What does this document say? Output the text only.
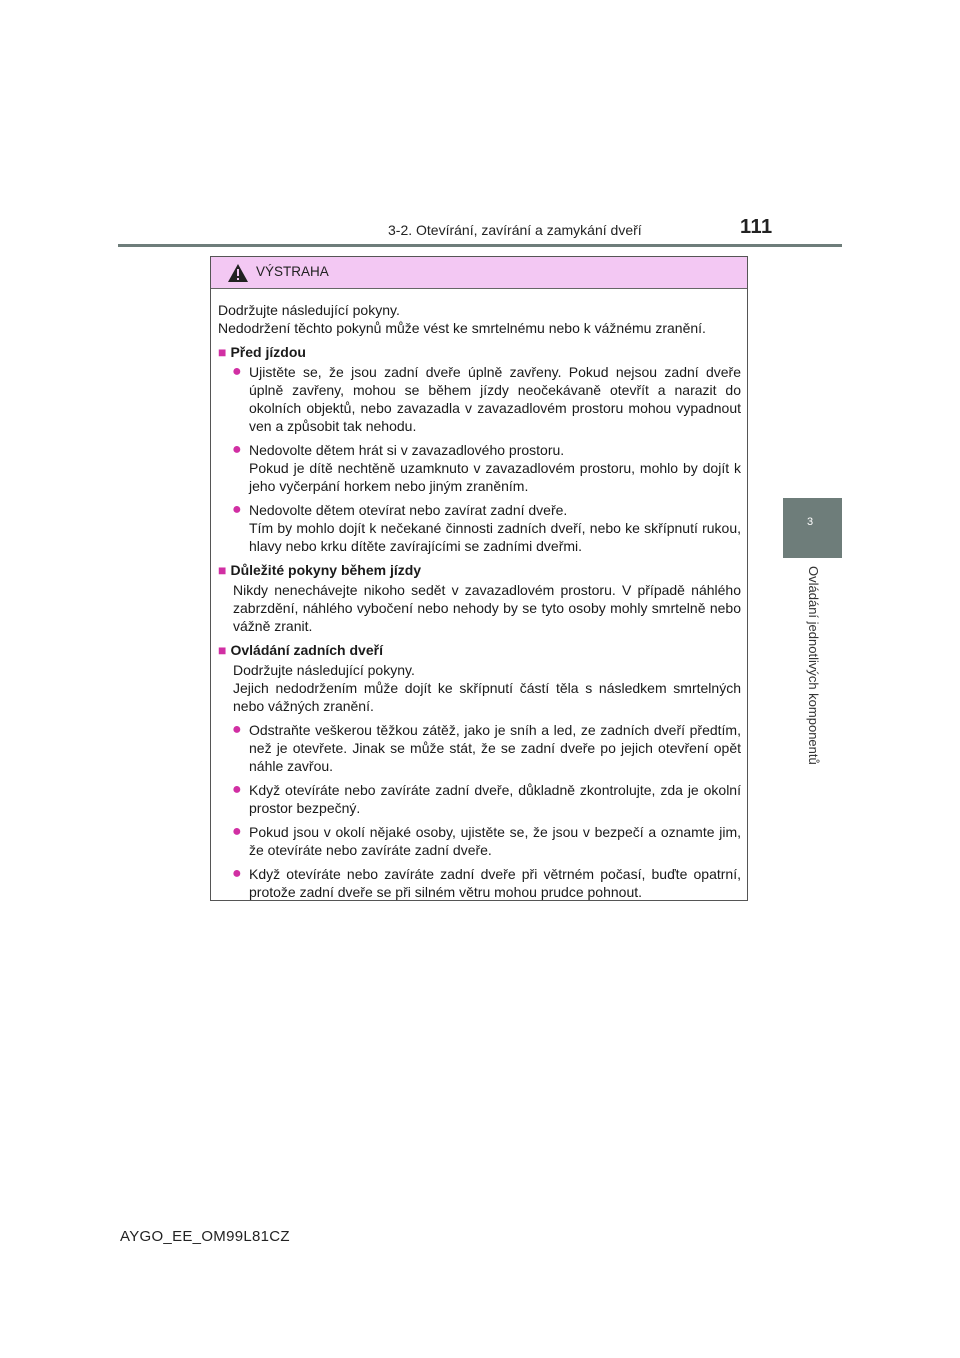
3-2. Otevírání, zavírání a zamykání dveří	111
3
Ovládání jednotlivých komponentů
VÝSTRAHA

Dodržujte následující pokyny.

Nedodržení těchto pokynů může vést ke smrtelnému nebo k vážnému zranění.

■ Před jízdou
● Ujistěte se, že jsou zadní dveře úplně zavřeny. Pokud nejsou zadní dveře úplně zavřeny, mohou se během jízdy neočekávaně otevřít a narazit do okolních objektů, nebo zavazadla v zavazadlovém prostoru mohou vypadnout ven a způsobit tak nehodu.
● Nedovolte dětem hrát si v zavazadlového prostoru.
Pokud je dítě nechtěně uzamknuto v zavazadlovém prostoru, mohlo by dojít k jeho vyčerpání horkem nebo jiným zraněním.
● Nedovolte dětem otevírat nebo zavírat zadní dveře.
Tím by mohlo dojít k nečekané činnosti zadních dveří, nebo ke skřípnutí rukou, hlavy nebo krku dítěte zavírajícími se zadními dveřmi.
■ Důležité pokyny během jízdy
Nikdy nenechávejte nikoho sedět v zavazadlovém prostoru. V případě náhlého zabrzdění, náhlého vybočení nebo nehody by se tyto osoby mohly smrtelně nebo vážně zranit.
■ Ovládání zadních dveří
Dodržujte následující pokyny.
Jejich nedodržením může dojít ke skřípnutí částí těla s následkem smrtelných nebo vážných zranění.
● Odstraňte veškerou těžkou zátěž, jako je sníh a led, ze zadních dveří předtím, než je otevřete. Jinak se může stát, že se zadní dveře po jejich otevření opět náhle zavřou.
● Když otevíráte nebo zavíráte zadní dveře, důkladně zkontrolujte, zda je okolní prostor bezpečný.
● Pokud jsou v okolí nějaké osoby, ujistěte se, že jsou v bezpečí a oznamte jim, že otevíráte nebo zavíráte zadní dveře.
● Když otevíráte nebo zavíráte zadní dveře při větrném počasí, buďte opatrní, protože zadní dveře se při silném větru mohou prudce pohnout.
AYGO_EE_OM99L81CZ
